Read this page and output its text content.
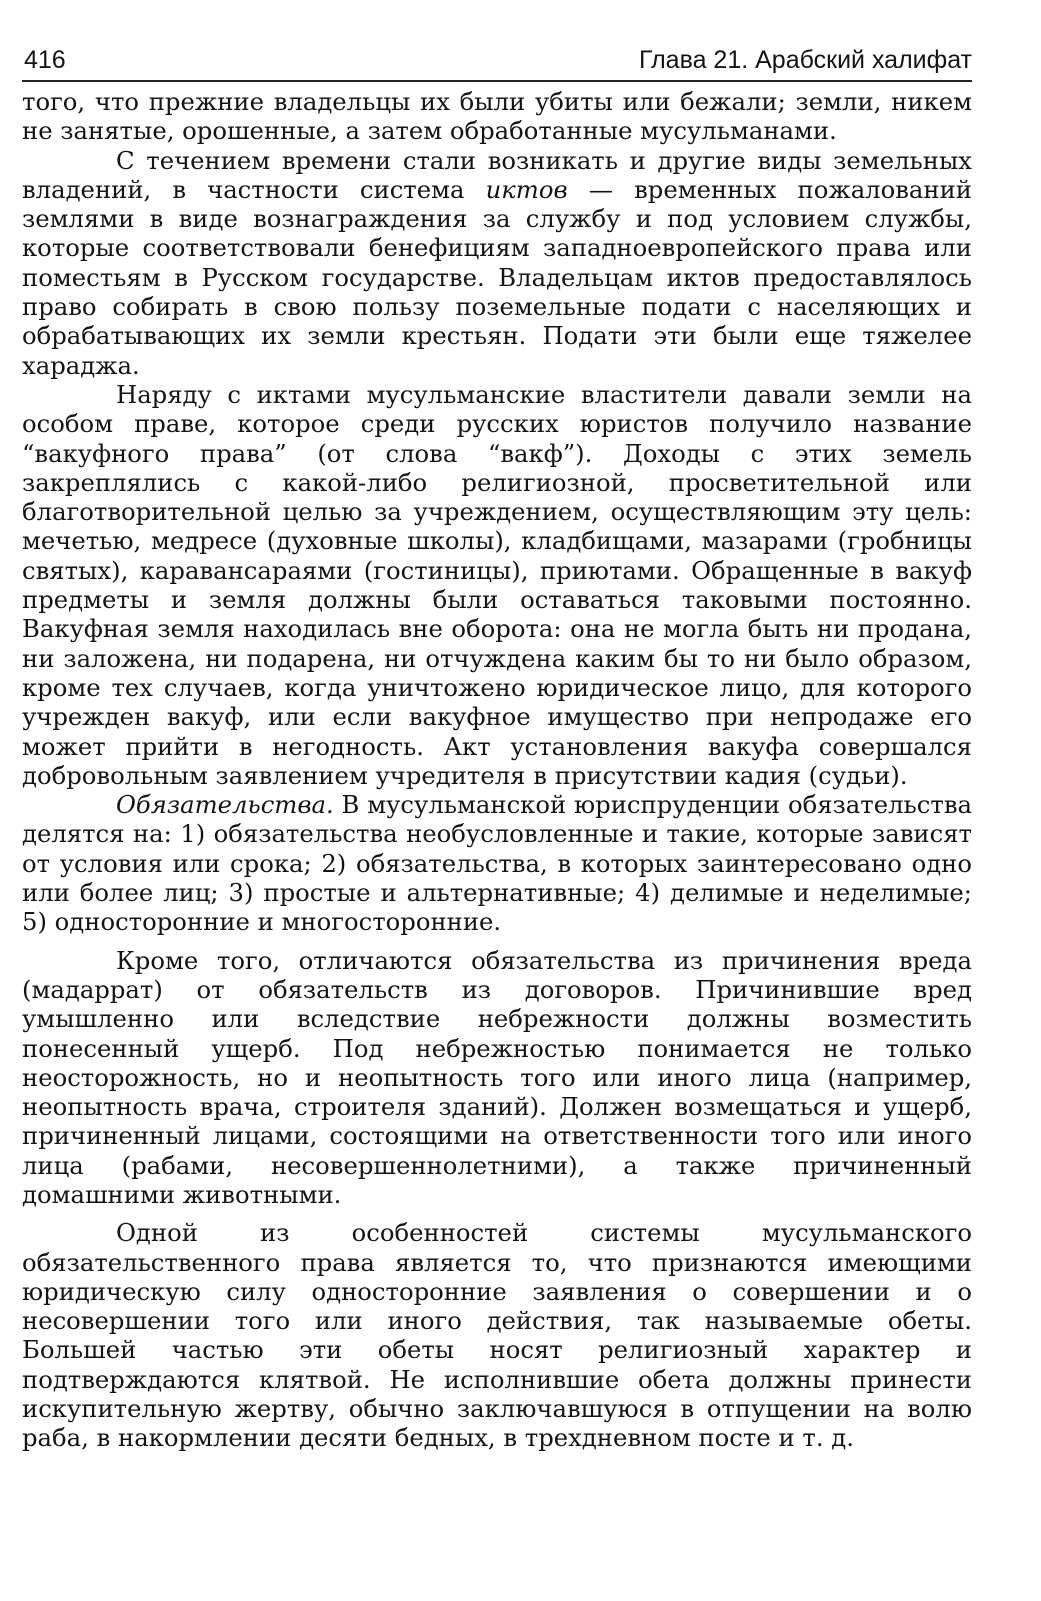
416	Глава 21. Арабский халифат

того, что прежние владельцы их были убиты или бежали; земли, никем не занятые, орошенные, а затем обработанные мусульманами.

С течением времени стали возникать и другие виды земельных владений, в частности система иктов — временных пожалований землями в виде вознаграждения за службу и под условием службы, которые соответствовали бенефициям западноевропейского права или поместьям в Русском государстве. Владельцам иктов предоставлялось право собирать в свою пользу поземельные подати с населяющих и обрабатывающих их земли крестьян. Подати эти были еще тяжелее хараджа.

Наряду с иктами мусульманские властители давали земли на особом праве, которое среди русских юристов получило название “вакуфного права” (от слова “вакф”). Доходы с этих земель закреплялись с какой-либо религиозной, просветительной или благотворительной целью за учреждением, осуществляющим эту цель: мечетью, медресе (духовные школы), кладбищами, мазарами (гробницы святых), каравансараями (гостиницы), приютами. Обращенные в вакуф предметы и земля должны были оставаться таковыми постоянно. Вакуфная земля находилась вне оборота: она не могла быть ни продана, ни заложена, ни подарена, ни отчуждена каким бы то ни было образом, кроме тех случаев, когда уничтожено юридическое лицо, для которого учрежден вакуф, или если вакуфное имущество при непродаже его может прийти в негодность. Акт установления вакуфа совершался добровольным заявлением учредителя в присутствии кадия (судьи).

Обязательства. В мусульманской юриспруденции обязательства делятся на: 1) обязательства необусловленные и такие, которые зависят от условия или срока; 2) обязательства, в которых заинтересовано одно или более лиц; 3) простые и альтернативные; 4) делимые и неделимые; 5) односторонние и многосторонние.

Кроме того, отличаются обязательства из причинения вреда (мадаррат) от обязательств из договоров. Причинившие вред умышленно или вследствие небрежности должны возместить понесенный ущерб. Под небрежностью понимается не только неосторожность, но и неопытность того или иного лица (например, неопытность врача, строителя зданий). Должен возмещаться и ущерб, причиненный лицами, состоящими на ответственности того или иного лица (рабами, несовершеннолетними), а также причиненный домашними животными.

Одной из особенностей системы мусульманского обязательственного права является то, что признаются имеющими юридическую силу односторонние заявления о совершении и о несовершении того или иного действия, так называемые обеты. Большей частью эти обеты носят религиозный характер и подтверждаются клятвой. Не исполнившие обета должны принести искупительную жертву, обычно заключавшуюся в отпущении на волю раба, в накормлении десяти бедных, в трехдневном посте и т. д.
